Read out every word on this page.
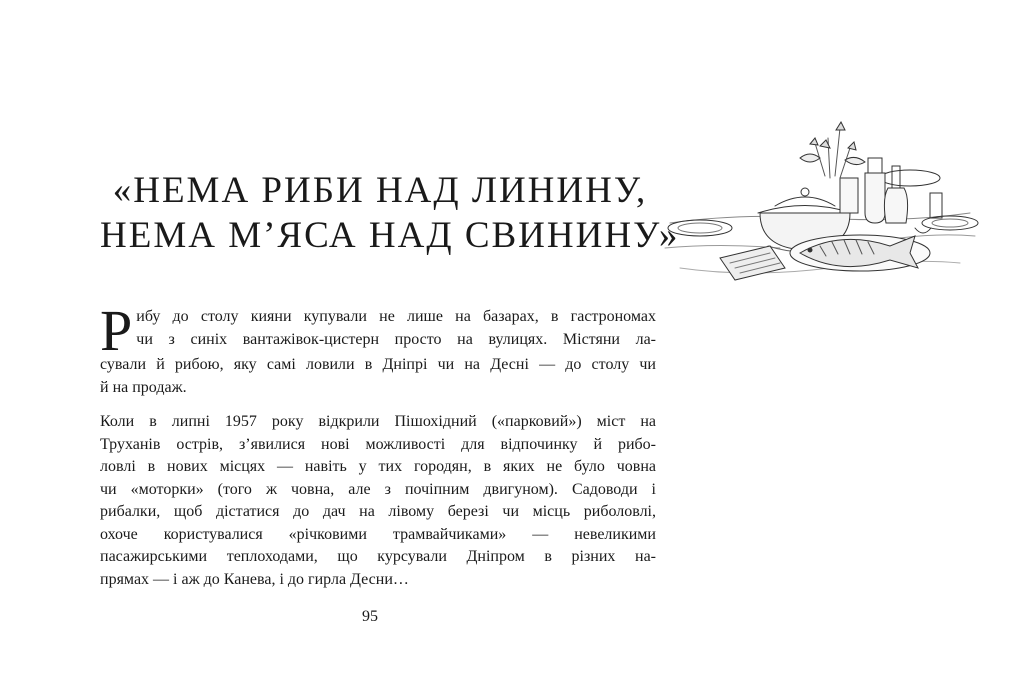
«НЕМА РИБИ НАД ЛИНИНУ,
НЕМА М’ЯСА НАД СВИНИНУ»
Р ибу до столу кияни купували не лише на базарах, в гастрономах
чи з синіх вантажівок-цистерн просто на вулицях. Містяни ла-
сували й рибою, яку самі ловили в Дніпрі чи на Десні — до столу чи
й на продаж.
Коли в липні 1957 року відкрили Пішохідний («парковий») міст на
Труханів острів, з’явилися нові можливості для відпочинку й рибо-
ловлі в нових місцях — навіть у тих городян, в яких не було човна
чи «моторки» (того ж човна, але з почіпним двигуном). Садоводи і
рибалки, щоб дістатися до дач на лівому березі чи місць риболовлі,
охоче користувалися «річковими трамвайчиками» — невеликими
пасажирськими теплоходами, що курсували Дніпром в різних на-
прямах — і аж до Канева, і до гирла Десни…
95
